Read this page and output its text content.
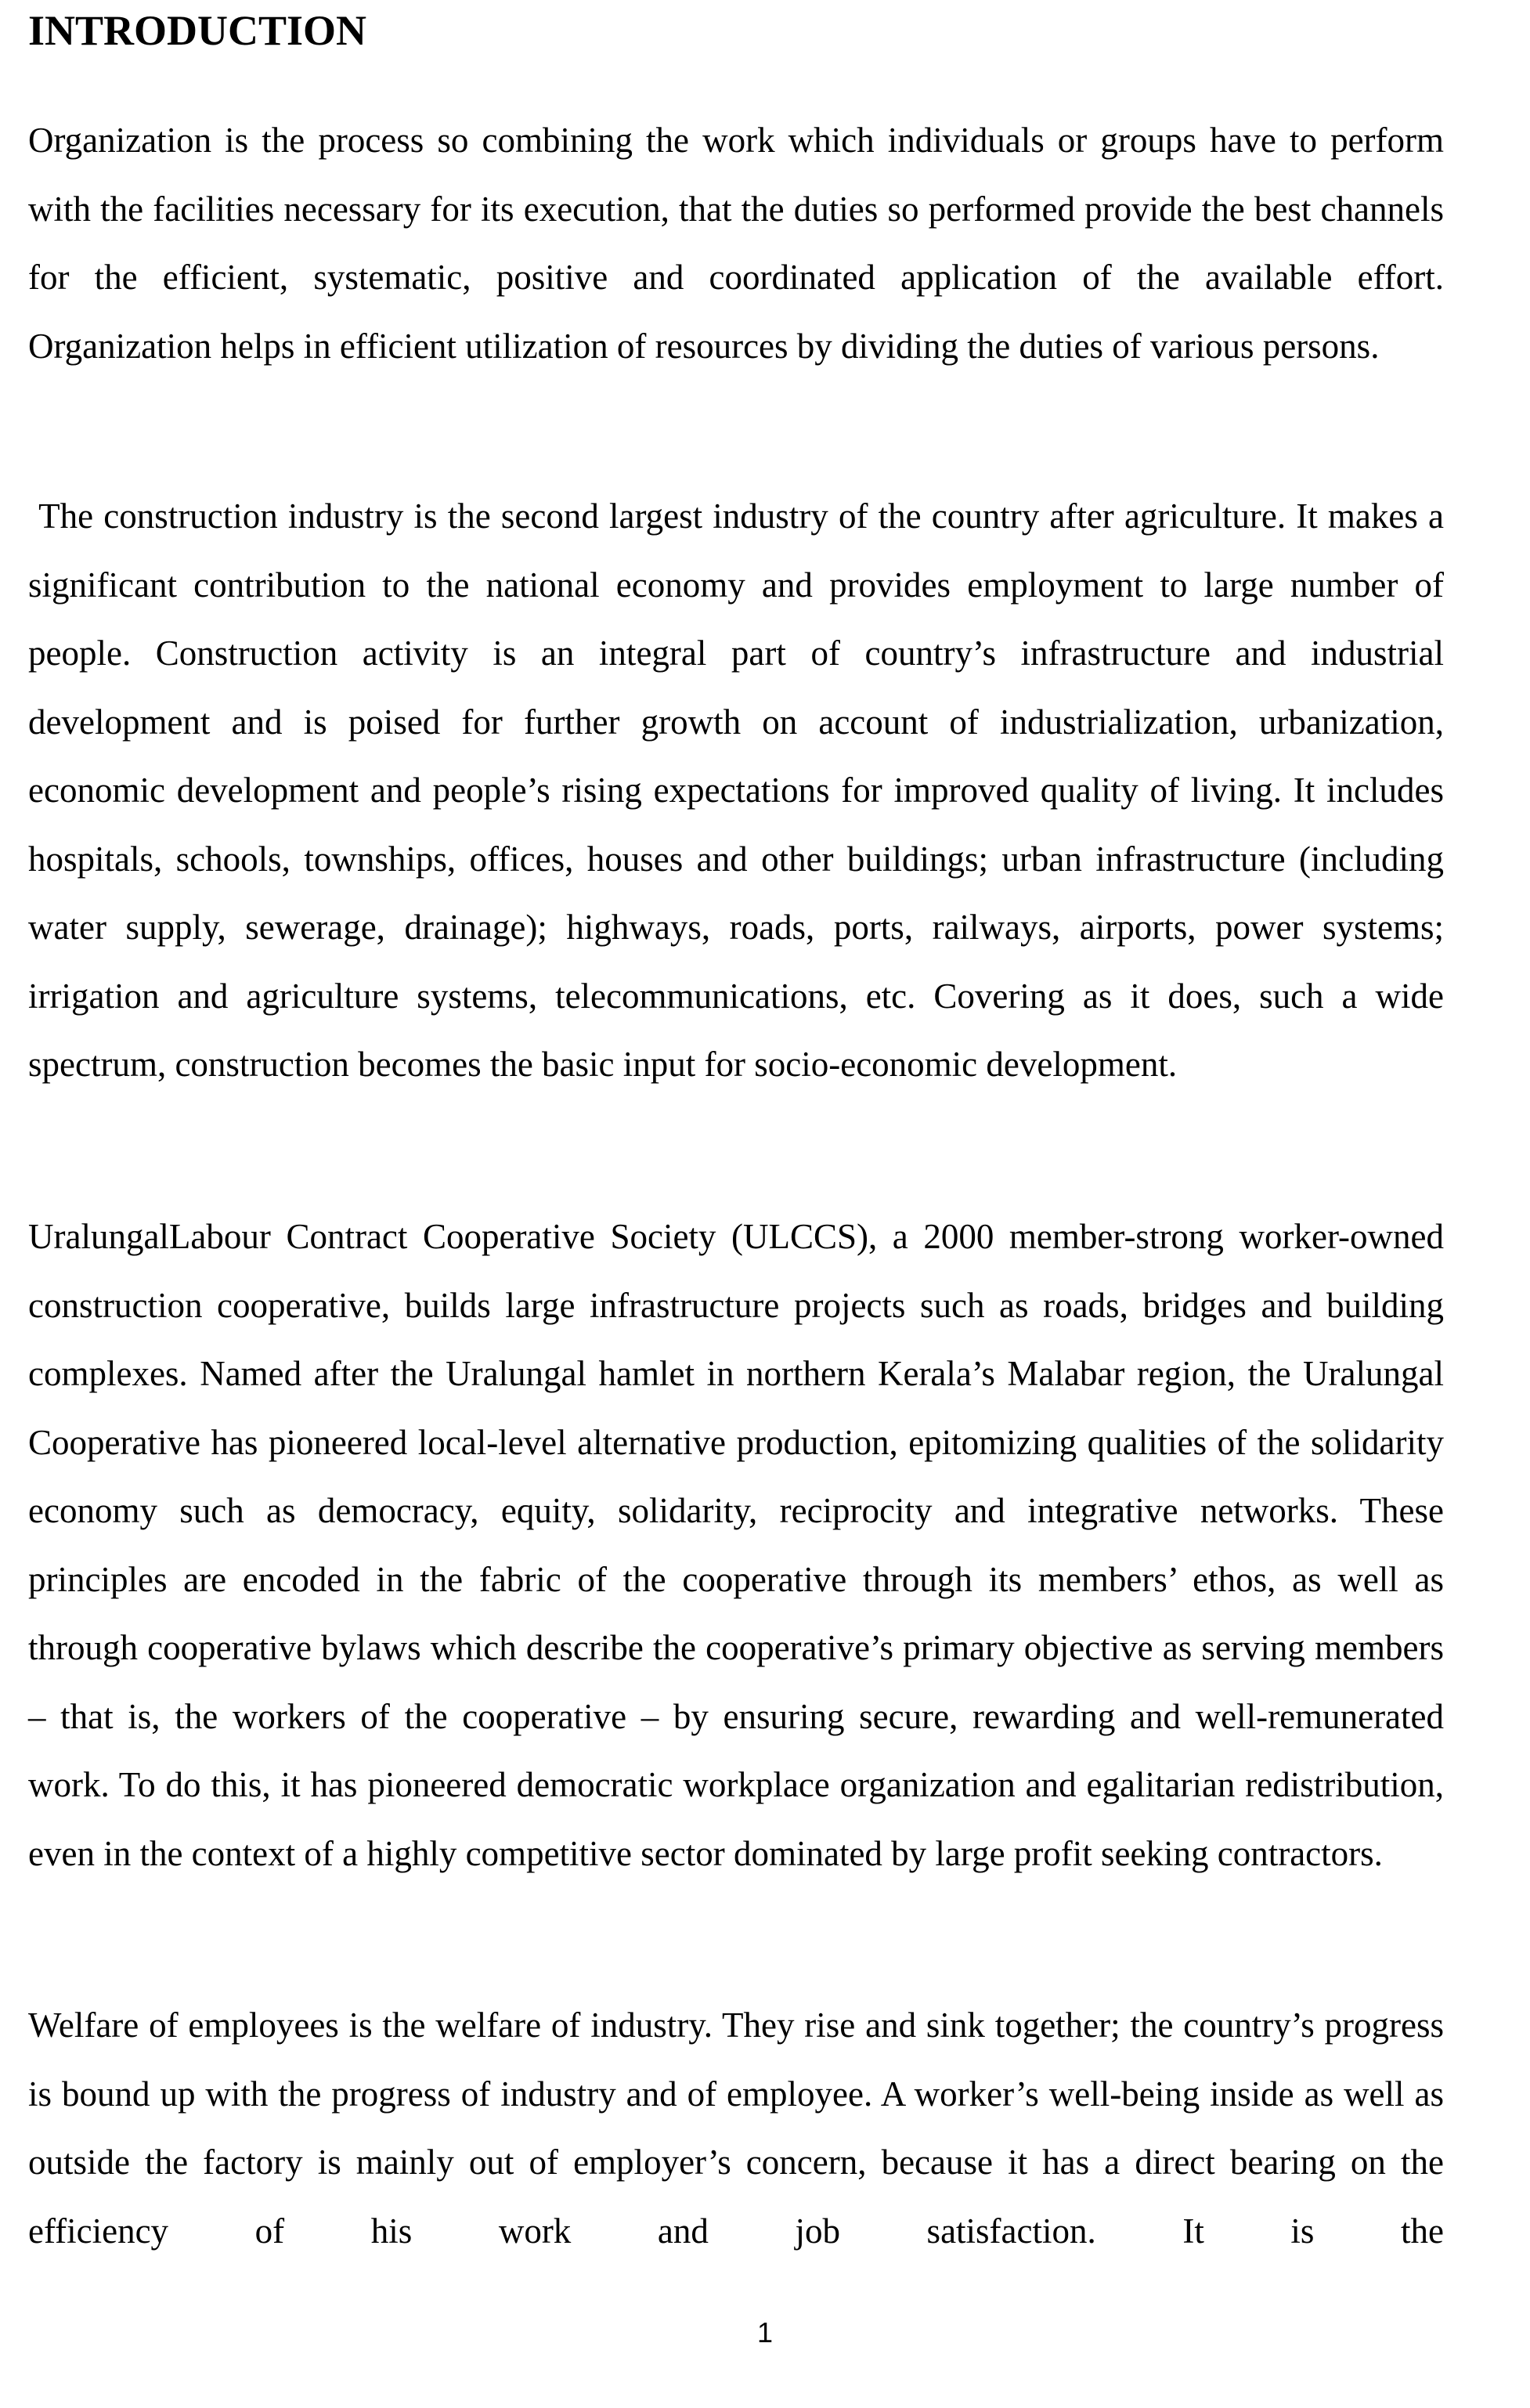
INTRODUCTION

Organization is the process so combining the work which individuals or groups have to perform with the facilities necessary for its execution, that the duties so performed provide the best channels for the efficient, systematic, positive and coordinated application of the available effort. Organization helps in efficient utilization of resources by dividing the duties of various persons.

The construction industry is the second largest industry of the country after agriculture. It makes a significant contribution to the national economy and provides employment to large number of people. Construction activity is an integral part of country’s infrastructure and industrial development and is poised for further growth on account of industrialization, urbanization, economic development and people’s rising expectations for improved quality of living. It includes hospitals, schools, townships, offices, houses and other buildings; urban infrastructure (including water supply, sewerage, drainage); highways, roads, ports, railways, airports, power systems; irrigation and agriculture systems, telecommunications, etc. Covering as it does, such a wide spectrum, construction becomes the basic input for socio-economic development.

UralungalLabour Contract Cooperative Society (ULCCS), a 2000 member-strong worker-owned construction cooperative, builds large infrastructure projects such as roads, bridges and building complexes. Named after the Uralungal hamlet in northern Kerala’s Malabar region, the Uralungal Cooperative has pioneered local-level alternative production, epitomizing qualities of the solidarity economy such as democracy, equity, solidarity, reciprocity and integrative networks. These principles are encoded in the fabric of the cooperative through its members’ ethos, as well as through cooperative bylaws which describe the cooperative’s primary objective as serving members – that is, the workers of the cooperative – by ensuring secure, rewarding and well-remunerated work. To do this, it has pioneered democratic workplace organization and egalitarian redistribution, even in the context of a highly competitive sector dominated by large profit seeking contractors.

Welfare of employees is the welfare of industry. They rise and sink together; the country’s progress is bound up with the progress of industry and of employee. A worker’s well-being inside as well as outside the factory is mainly out of employer’s concern, because it has a direct bearing on the efficiency of his work and job satisfaction. It is the

1
